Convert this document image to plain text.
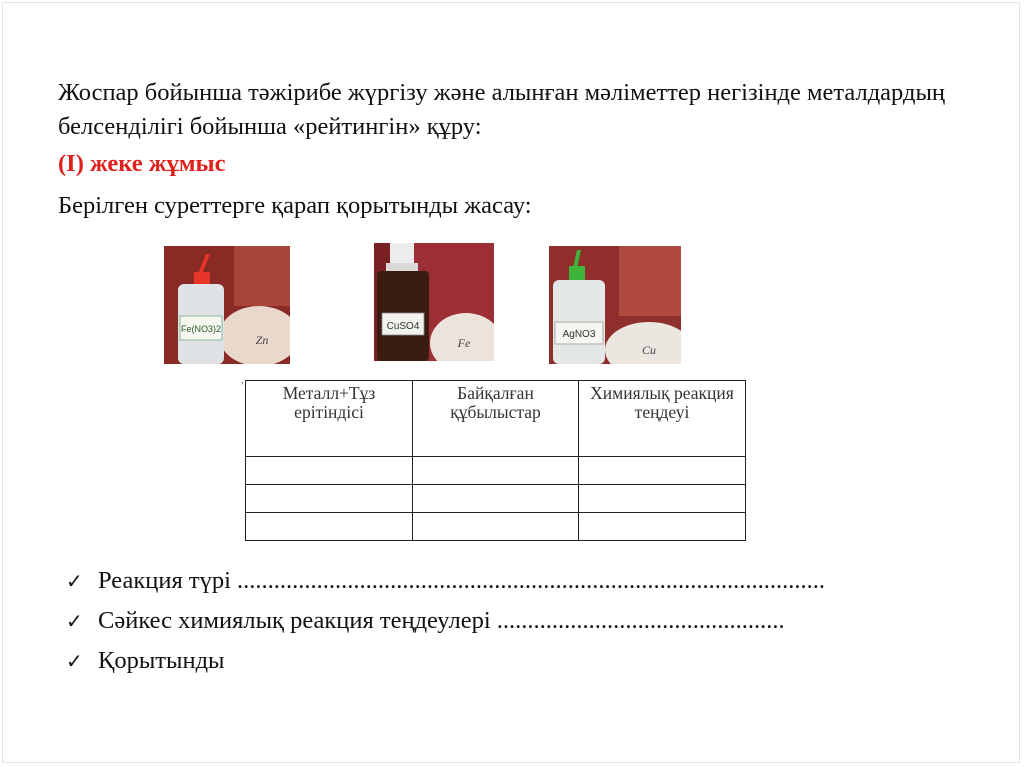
Жоспар бойынша тәжірибе жүргізу және алынған мәліметтер негізінде металдардың белсенділігі бойынша «рейтингін» құру:
(І) жеке жұмыс
Берілген суреттерге қарап қорытынды жасау:
Fe(NO3)2
Zn
CuSO4
Fe
AgNO3
Cu
,
Металл+Тұз ерітіндісі	Байқалған құбылыстар	Химиялық реакция теңдеуі

✓ Реакция түрі ................................................................................................
✓ Сәйкес химиялық реакция теңдеулері ...............................................
✓ Қорытынды
